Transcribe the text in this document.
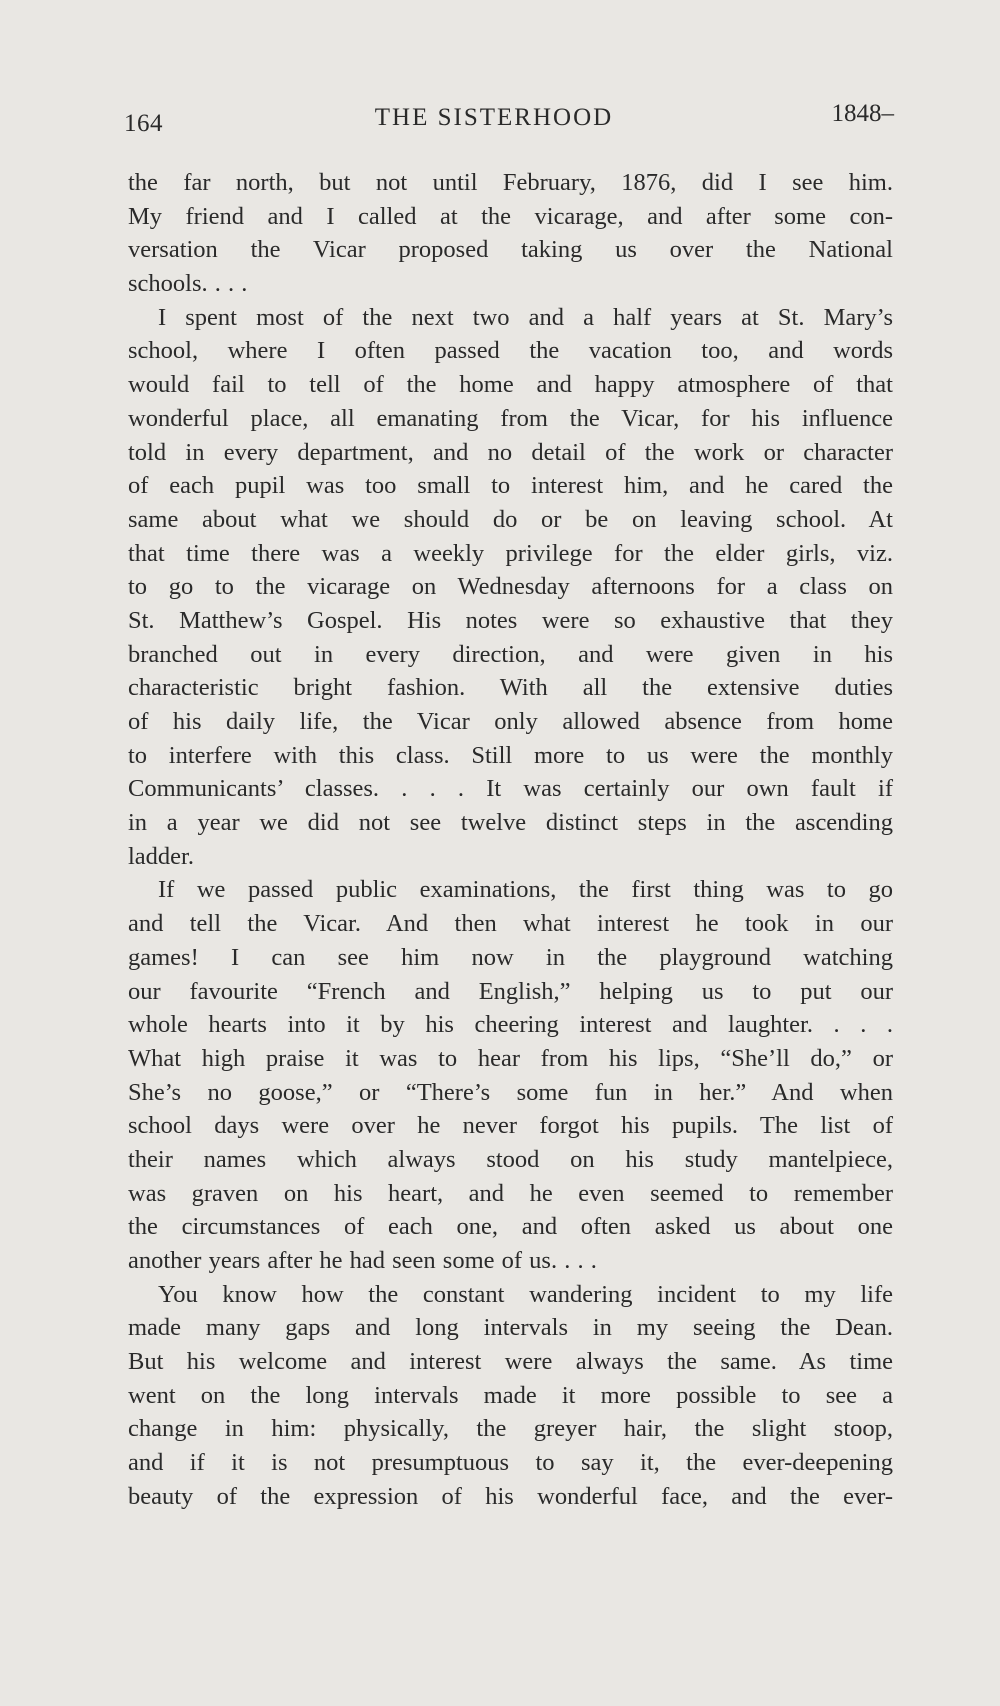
164	THE SISTERHOOD	1848–
the far north, but not until February, 1876, did I see him.
My friend and I called at the vicarage, and after some con-
versation the Vicar proposed taking us over the National
schools. . . .
I spent most of the next two and a half years at St. Mary’s
school, where I often passed the vacation too, and words
would fail to tell of the home and happy atmosphere of that
wonderful place, all emanating from the Vicar, for his influence
told in every department, and no detail of the work or character
of each pupil was too small to interest him, and he cared the
same about what we should do or be on leaving school. At
that time there was a weekly privilege for the elder girls, viz.
to go to the vicarage on Wednesday afternoons for a class on
St. Matthew’s Gospel. His notes were so exhaustive that they
branched out in every direction, and were given in his
characteristic bright fashion. With all the extensive duties
of his daily life, the Vicar only allowed absence from home
to interfere with this class. Still more to us were the monthly
Communicants’ classes. . . . It was certainly our own fault if
in a year we did not see twelve distinct steps in the ascending
ladder.
If we passed public examinations, the first thing was to go
and tell the Vicar. And then what interest he took in our
games! I can see him now in the playground watching
our favourite “French and English,” helping us to put our
whole hearts into it by his cheering interest and laughter. . . .
What high praise it was to hear from his lips, “She’ll do,” or
She’s no goose,” or “There’s some fun in her.” And when
school days were over he never forgot his pupils. The list of
their names which always stood on his study mantelpiece,
was graven on his heart, and he even seemed to remember
the circumstances of each one, and often asked us about one
another years after he had seen some of us. . . .
You know how the constant wandering incident to my life
made many gaps and long intervals in my seeing the Dean.
But his welcome and interest were always the same. As time
went on the long intervals made it more possible to see a
change in him: physically, the greyer hair, the slight stoop,
and if it is not presumptuous to say it, the ever-deepening
beauty of the expression of his wonderful face, and the ever-
